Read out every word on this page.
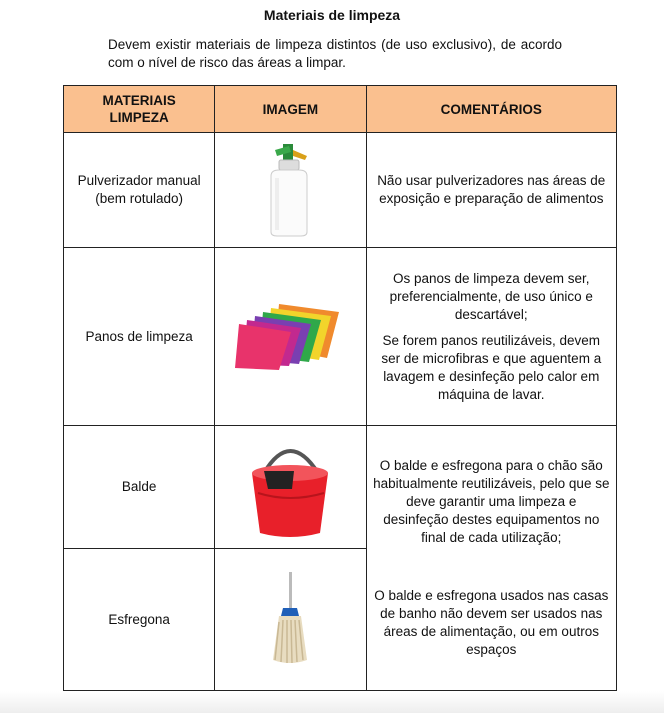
Materiais de limpeza
Devem existir materiais de limpeza distintos (de uso exclusivo), de acordo com o nível de risco das áreas a limpar.
MATERIAIS LIMPEZA	IMAGEM	COMENTÁRIOS

Pulverizador manual (bem rotulado)		Não usar pulverizadores nas áreas de exposição e preparação de alimentos

Panos de limpeza		Os panos de limpeza devem ser, preferencialmente, de uso único e descartável;

Se forem panos reutilizáveis, devem ser de microfibras e que aguentem a lavagem e desinfeção pelo calor em máquina de lavar.

Balde		O balde e esfregona para o chão são habitualmente reutilizáveis, pelo que se deve garantir uma limpeza e desinfeção destes equipamentos no final de cada utilização;

O balde e esfregona usados nas casas de banho não devem ser usados nas áreas de alimentação, ou em outros espaços

Esfregona	
